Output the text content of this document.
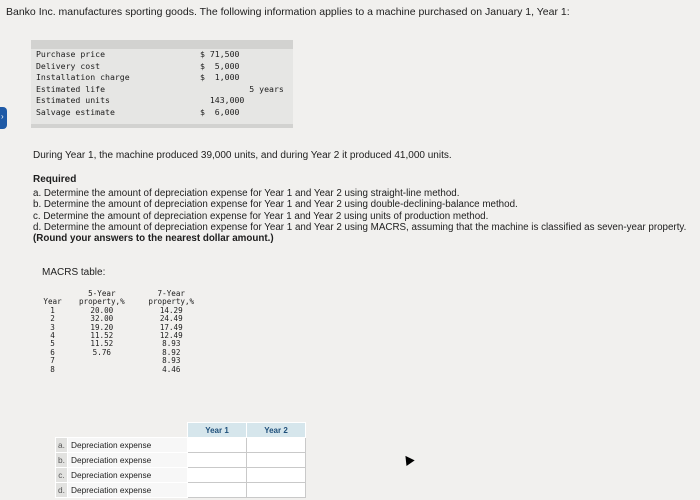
Banko Inc. manufactures sporting goods. The following information applies to a machine purchased on January 1, Year 1:

Purchase price	$ 71,500
Delivery cost	$  5,000
Installation charge	$  1,000
Estimated life	5 years
Estimated units	143,000
Salvage estimate	$  6,000
›

During Year 1, the machine produced 39,000 units, and during Year 2 it produced 41,000 units.

Required
a. Determine the amount of depreciation expense for Year 1 and Year 2 using straight-line method.
b. Determine the amount of depreciation expense for Year 1 and Year 2 using double-declining-balance method.
c. Determine the amount of depreciation expense for Year 1 and Year 2 using units of production method.
d. Determine the amount of depreciation expense for Year 1 and Year 2 using MACRS, assuming that the machine is classified as seven-year property. (Round your answers to the nearest dollar amount.)
MACRS table:
	5-Year	7-Year
Year	property,%	property,%
1	20.00	14.29
2	32.00	24.49
3	19.20	17.49
4	11.52	12.49
5	11.52	8.93
6	5.76	8.92
7		8.93
8		4.46
		Year 1	Year 2
a.	Depreciation expense		
b.	Depreciation expense		
c.	Depreciation expense		
d.	Depreciation expense		
